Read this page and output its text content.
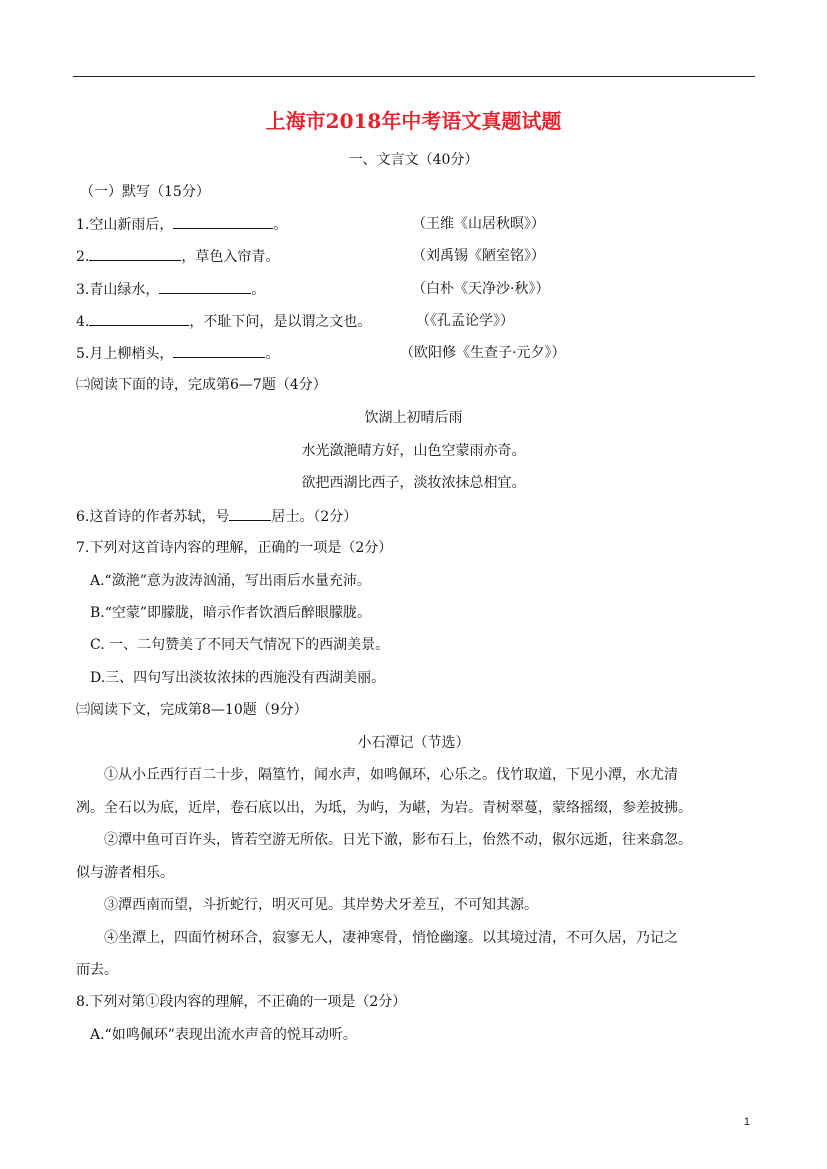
上海市2018年中考语文真题试题
一、文言文（40分）
（一）默写（15分）
1.空山新雨后，	。	（王维《山居秋暝》）
2.	，草色入帘青。	（刘禹锡《陋室铭》）
3.青山绿水，	。	（白朴《天净沙·秋》）
4.	，不耻下问，是以谓之文也。	（《孔孟论学》）
5.月上柳梢头，	。	（欧阳修《生查子·元夕》）
㈡阅读下面的诗，完成第6—7题（4分）
饮湖上初晴后雨
水光潋滟晴方好，山色空蒙雨亦奇。
欲把西湖比西子，淡妆浓抹总相宜。
6.这首诗的作者苏轼，号	居士。（2分）
7.下列对这首诗内容的理解，正确的一项是（2分）
A.“潋滟”意为波涛汹涌，写出雨后水量充沛。
B.“空蒙”即朦胧，暗示作者饮酒后醉眼朦胧。
C. 一、二句赞美了不同天气情况下的西湖美景。
D.三、四句写出淡妆浓抹的西施没有西湖美丽。
㈢阅读下文，完成第8—10题（9分）
小石潭记（节选）
①从小丘西行百二十步，隔篁竹，闻水声，如鸣佩环，心乐之。伐竹取道，下见小潭，水尤清
冽。全石以为底，近岸，卷石底以出，为坻，为屿，为嵁，为岩。青树翠蔓，蒙络摇缀，参差披拂。
②潭中鱼可百许头，皆若空游无所依。日光下澈，影布石上，佁然不动，俶尔远逝，往来翕忽。
似与游者相乐。
③潭西南而望，斗折蛇行，明灭可见。其岸势犬牙差互，不可知其源。
④坐潭上，四面竹树环合，寂寥无人，凄神寒骨，悄怆幽邃。以其境过清，不可久居，乃记之
而去。
8.下列对第①段内容的理解，不正确的一项是（2分）
A.“如鸣佩环”表现出流水声音的悦耳动听。
1
